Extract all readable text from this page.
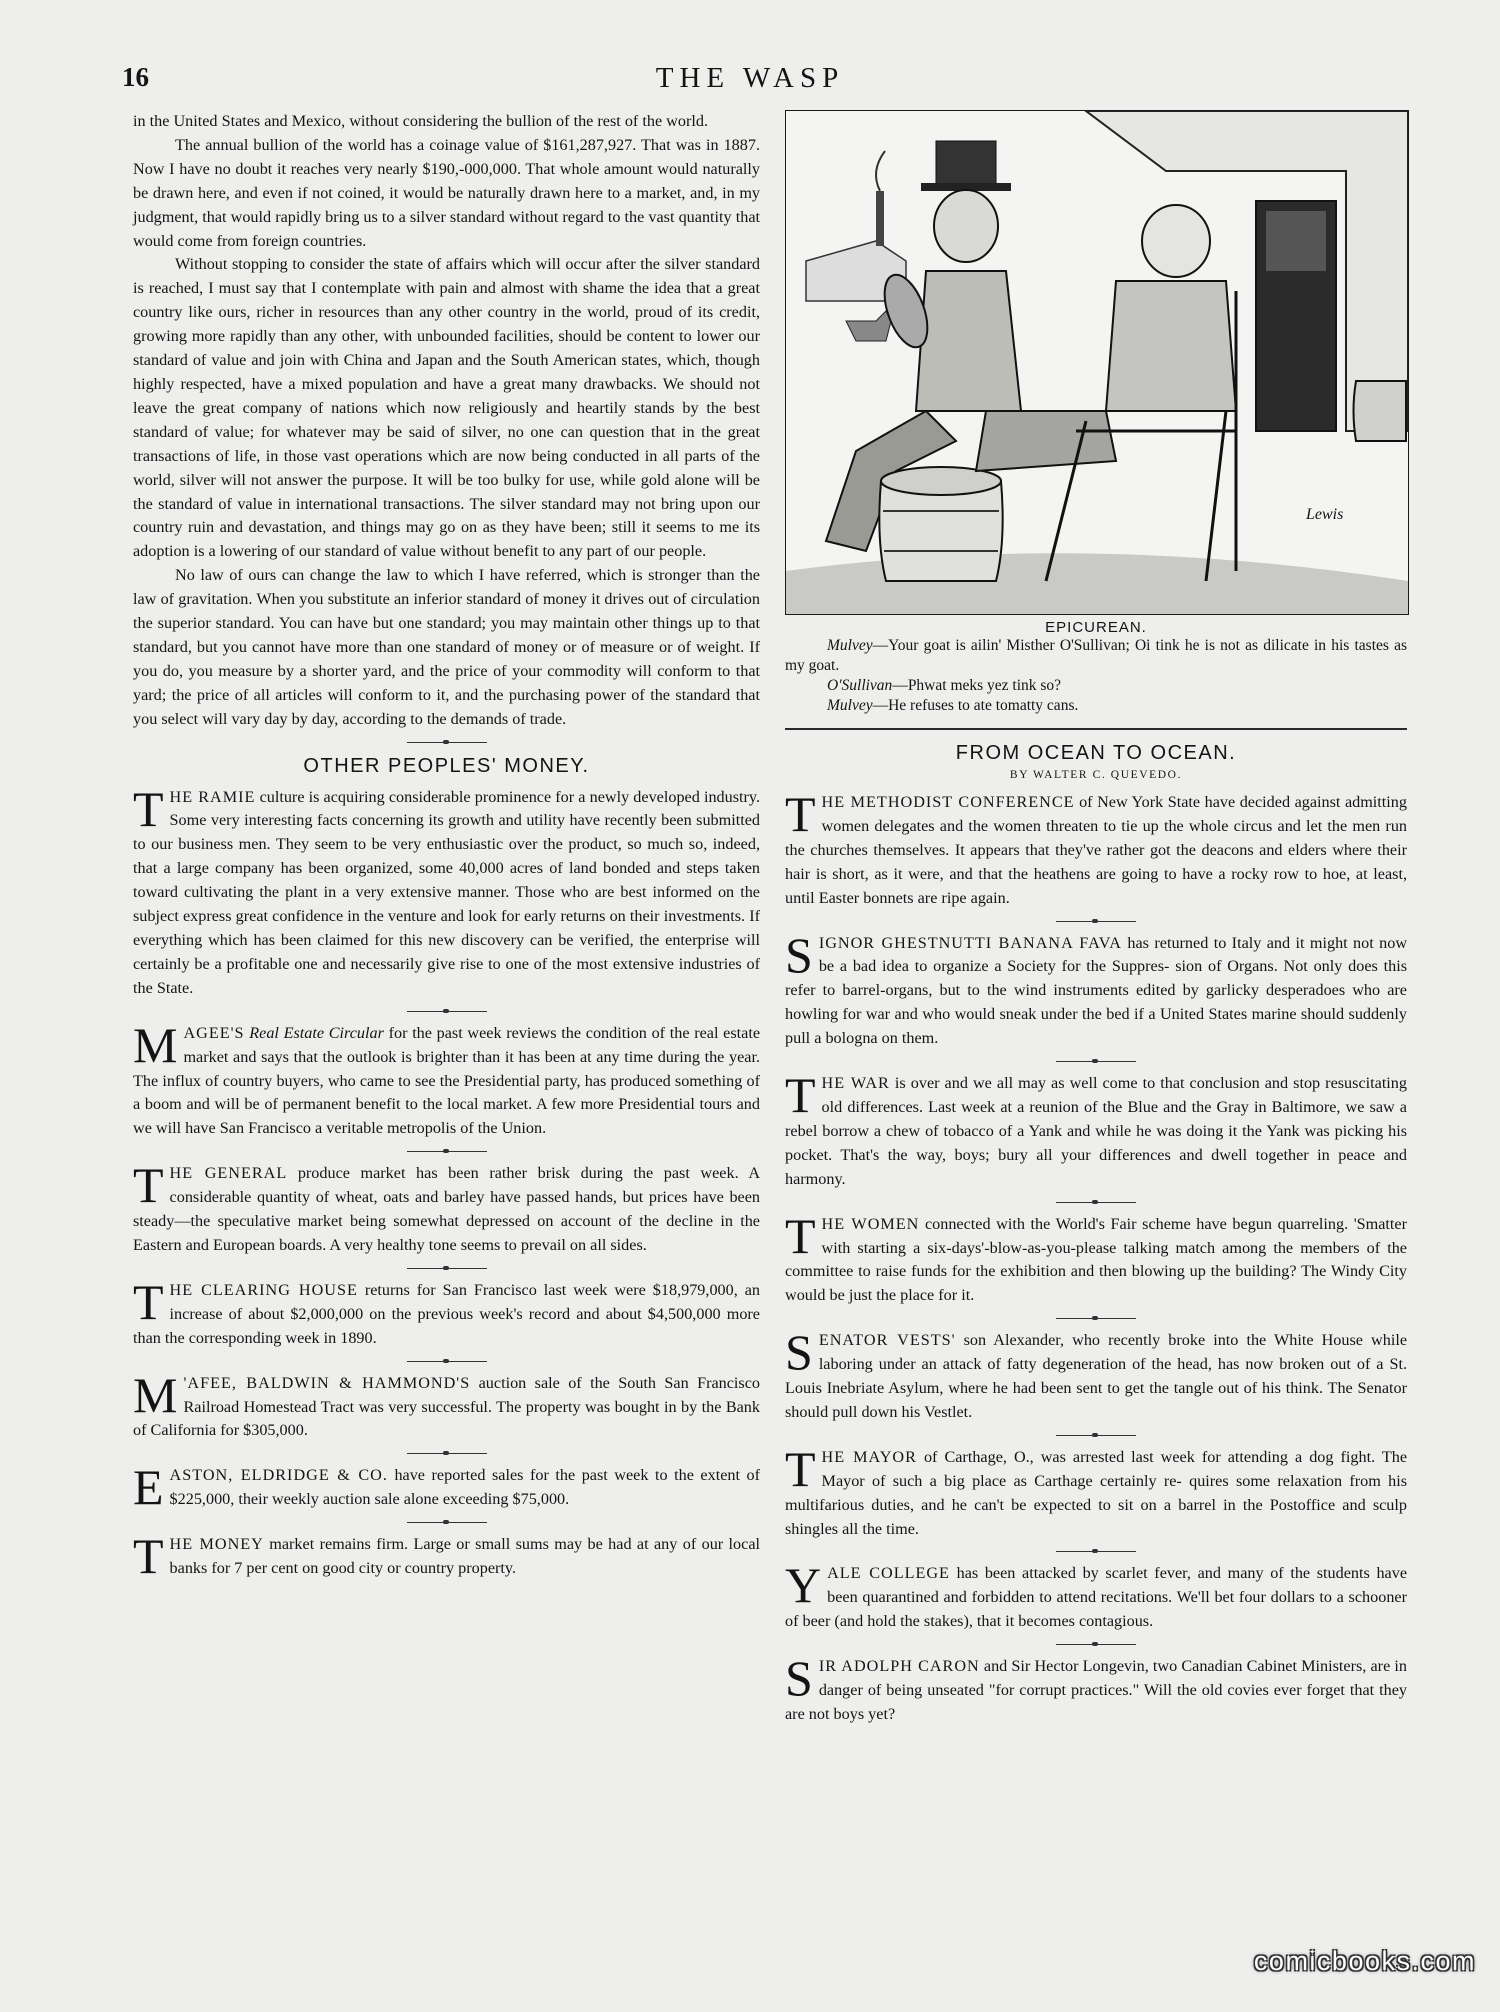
16	THE WASP

in the United States and Mexico, without considering the bullion of the rest of the world.

The annual bullion of the world has a coinage value of $161,287,927. That was in 1887. Now I have no doubt it reaches very nearly $190,-000,000. That whole amount would naturally be drawn here, and even if not coined, it would be naturally drawn here to a market, and, in my judgment, that would rapidly bring us to a silver standard without regard to the vast quantity that would come from foreign countries.

Without stopping to consider the state of affairs which will occur after the silver standard is reached, I must say that I contemplate with pain and almost with shame the idea that a great country like ours, richer in resources than any other country in the world, proud of its credit, growing more rapidly than any other, with unbounded facilities, should be content to lower our standard of value and join with China and Japan and the South American states, which, though highly respected, have a mixed population and have a great many drawbacks. We should not leave the great company of nations which now religiously and heartily stands by the best standard of value; for whatever may be said of silver, no one can question that in the great transactions of life, in those vast operations which are now being conducted in all parts of the world, silver will not answer the purpose. It will be too bulky for use, while gold alone will be the standard of value in international transactions. The silver standard may not bring upon our country ruin and devastation, and things may go on as they have been; still it seems to me its adoption is a lowering of our standard of value without benefit to any part of our people.

No law of ours can change the law to which I have referred, which is stronger than the law of gravitation. When you substitute an inferior standard of money it drives out of circulation the superior standard. You can have but one standard; you may maintain other things up to that standard, but you cannot have more than one standard of money or of measure or of weight. If you do, you measure by a shorter yard, and the price of your commodity will conform to that yard; the price of all articles will conform to it, and the purchasing power of the standard that you select will vary day by day, according to the demands of trade.

OTHER PEOPLES' MONEY.
T HE RAMIE culture is acquiring considerable prominence for a newly developed industry. Some very interesting facts concerning its growth and utility have recently been submitted to our business men. They seem to be very enthusiastic over the product, so much so, indeed, that a large company has been organized, some 40,000 acres of land bonded and steps taken toward cultivating the plant in a very extensive manner. Those who are best informed on the subject express great confidence in the venture and look for early returns on their investments. If everything which has been claimed for this new discovery can be verified, the enterprise will certainly be a profitable one and necessarily give rise to one of the most extensive industries of the State.

M AGEE'S Real Estate Circular for the past week reviews the condition of the real estate market and says that the outlook is brighter than it has been at any time during the year. The influx of country buyers, who came to see the Presidential party, has produced something of a boom and will be of permanent benefit to the local market. A few more Presidential tours and we will have San Francisco a veritable metropolis of the Union.

T HE GENERAL produce market has been rather brisk during the past week. A considerable quantity of wheat, oats and barley have passed hands, but prices have been steady—the speculative market being somewhat depressed on account of the decline in the Eastern and European boards. A very healthy tone seems to prevail on all sides.

T HE CLEARING HOUSE returns for San Francisco last week were $18,979,000, an increase of about $2,000,000 on the previous week's record and about $4,500,000 more than the corresponding week in 1890.

M 'AFEE, BALDWIN & HAMMOND'S auction sale of the South San Francisco Railroad Homestead Tract was very successful. The property was bought in by the Bank of California for $305,000.

E ASTON, ELDRIDGE & CO. have reported sales for the past week to the extent of $225,000, their weekly auction sale alone exceeding $75,000.

T HE MONEY market remains firm. Large or small sums may be had at any of our local banks for 7 per cent on good city or country property.

Lewis
EPICUREAN.

Mulvey—Your goat is ailin' Misther O'Sullivan; Oi tink he is not as dilicate in his tastes as my goat.

O'Sullivan—Phwat meks yez tink so?

Mulvey—He refuses to ate tomatty cans.

FROM OCEAN TO OCEAN.
BY WALTER C. QUEVEDO.
T HE METHODIST CONFERENCE of New York State have decided against admitting women delegates and the women threaten to tie up the whole circus and let the men run the churches themselves. It appears that they've rather got the deacons and elders where their hair is short, as it were, and that the heathens are going to have a rocky row to hoe, at least, until Easter bonnets are ripe again.

S IGNOR GHESTNUTTI BANANA FAVA has returned to Italy and it might not now be a bad idea to organize a Society for the Suppres- sion of Organs. Not only does this refer to barrel-organs, but to the wind instruments edited by garlicky desperadoes who are howling for war and who would sneak under the bed if a United States marine should suddenly pull a bologna on them.

T HE WAR is over and we all may as well come to that conclusion and stop resuscitating old differences. Last week at a reunion of the Blue and the Gray in Baltimore, we saw a rebel borrow a chew of tobacco of a Yank and while he was doing it the Yank was picking his pocket. That's the way, boys; bury all your differences and dwell together in peace and harmony.

T HE WOMEN connected with the World's Fair scheme have begun quarreling. 'Smatter with starting a six-days'-blow-as-you-please talking match among the members of the committee to raise funds for the exhibition and then blowing up the building? The Windy City would be just the place for it.

S ENATOR VESTS' son Alexander, who recently broke into the White House while laboring under an attack of fatty degeneration of the head, has now broken out of a St. Louis Inebriate Asylum, where he had been sent to get the tangle out of his think. The Senator should pull down his Vestlet.

T HE MAYOR of Carthage, O., was arrested last week for attending a dog fight. The Mayor of such a big place as Carthage certainly re- quires some relaxation from his multifarious duties, and he can't be expected to sit on a barrel in the Postoffice and sculp shingles all the time.

Y ALE COLLEGE has been attacked by scarlet fever, and many of the students have been quarantined and forbidden to attend recitations. We'll bet four dollars to a schooner of beer (and hold the stakes), that it becomes contagious.

S IR ADOLPH CARON and Sir Hector Longevin, two Canadian Cabinet Ministers, are in danger of being unseated "for corrupt practices." Will the old covies ever forget that they are not boys yet?

comicbooks.com
